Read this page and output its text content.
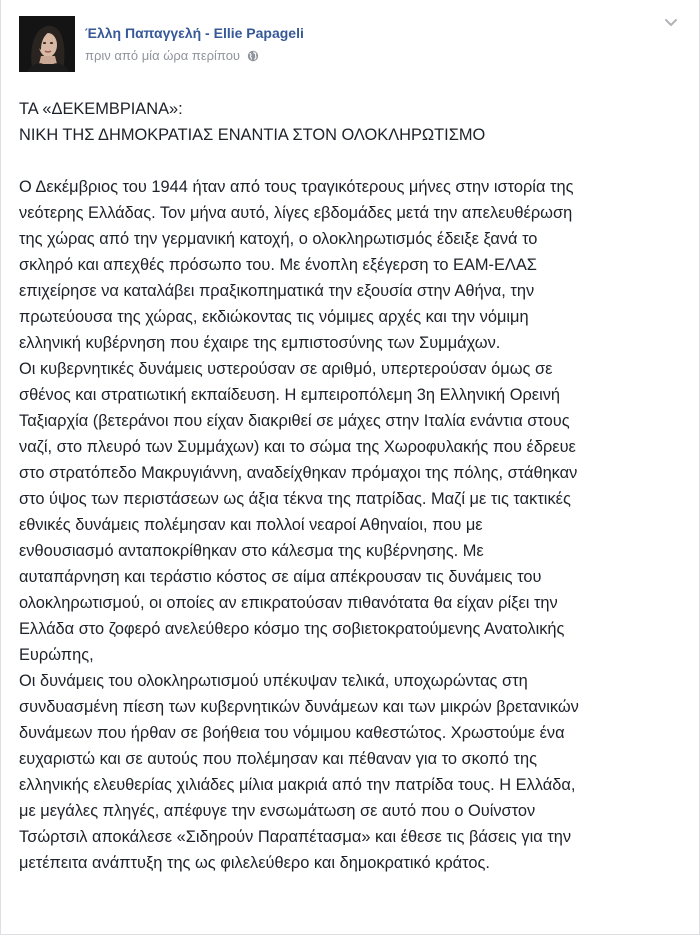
Έλλη Παπαγγελή - Ellie Papageli
πριν από μία ώρα περίπου

ΤΑ «ΔΕΚΕΜΒΡΙΑΝΑ»:

ΝΙΚΗ ΤΗΣ ΔΗΜΟΚΡΑΤΙΑΣ ΕΝΑΝΤΙΑ ΣΤΟΝ ΟΛΟΚΛΗΡΩΤΙΣΜΟ

Ο Δεκέμβριος του 1944 ήταν από τους τραγικότερους μήνες στην ιστορία της

νεότερης Ελλάδας. Τον μήνα αυτό, λίγες εβδομάδες μετά την απελευθέρωση

της χώρας από την γερμανική κατοχή, ο ολοκληρωτισμός έδειξε ξανά το

σκληρό και απεχθές πρόσωπο του. Με ένοπλη εξέγερση το ΕΑΜ-ΕΛΑΣ

επιχείρησε να καταλάβει πραξικοπηματικά την εξουσία στην Αθήνα, την

πρωτεύουσα της χώρας, εκδιώκοντας τις νόμιμες αρχές και την νόμιμη

ελληνική κυβέρνηση που έχαιρε της εμπιστοσύνης των Συμμάχων.

Οι κυβερνητικές δυνάμεις υστερούσαν σε αριθμό, υπερτερούσαν όμως σε

σθένος και στρατιωτική εκπαίδευση. Η εμπειροπόλεμη 3η Ελληνική Ορεινή

Ταξιαρχία (βετεράνοι που είχαν διακριθεί σε μάχες στην Ιταλία ενάντια στους

ναζί, στο πλευρό των Συμμάχων) και το σώμα της Χωροφυλακής που έδρευε

στο στρατόπεδο Μακρυγιάννη, αναδείχθηκαν πρόμαχοι της πόλης, στάθηκαν

στο ύψος των περιστάσεων ως άξια τέκνα της πατρίδας. Μαζί με τις τακτικές

εθνικές δυνάμεις πολέμησαν και πολλοί νεαροί Αθηναίοι, που με

ενθουσιασμό ανταποκρίθηκαν στο κάλεσμα της κυβέρνησης. Με

αυταπάρνηση και τεράστιο κόστος σε αίμα απέκρουσαν τις δυνάμεις του

ολοκληρωτισμού, οι οποίες αν επικρατούσαν πιθανότατα θα είχαν ρίξει την

Ελλάδα στο ζοφερό ανελεύθερο κόσμο της σοβιετοκρατούμενης Ανατολικής

Ευρώπης,

Οι δυνάμεις του ολοκληρωτισμού υπέκυψαν τελικά, υποχωρώντας στη

συνδυασμένη πίεση των κυβερνητικών δυνάμεων και των μικρών βρετανικών

δυνάμεων που ήρθαν σε βοήθεια του νόμιμου καθεστώτος. Χρωστούμε ένα

ευχαριστώ και σε αυτούς που πολέμησαν και πέθαναν για το σκοπό της

ελληνικής ελευθερίας χιλιάδες μίλια μακριά από την πατρίδα τους. Η Ελλάδα,

με μεγάλες πληγές, απέφυγε την ενσωμάτωση σε αυτό που ο Ουίνστον

Τσώρτσιλ αποκάλεσε «Σιδηρούν Παραπέτασμα» και έθεσε τις βάσεις για την

μετέπειτα ανάπτυξη της ως φιλελεύθερο και δημοκρατικό κράτος.
